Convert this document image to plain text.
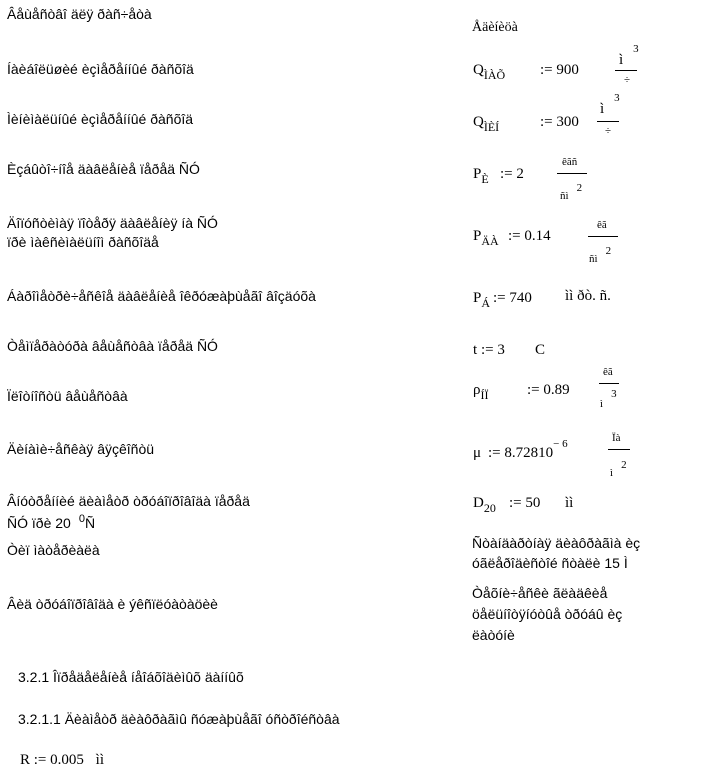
Âåùåñòâî äëÿ ðàñ÷åòà
Åäèíèöà
Íàèáîëüøèé èçìåðåííûé ðàñõîä	$Q_{ÌÀÕ}$ := 900
$ì^3$
÷
Ìèíèìàëüíûé èçìåðåííûé ðàñõîä	$Q_{ÌÈÍ}$	:= 300
$ì^3$
÷
Èçáûòî÷íîå äàâëåíèå ïåðåä ÑÓ	$P_È$ := 2
êãñ
ñì2
Äîïóñòèìàÿ ïîòåðÿ äàâëåíèÿ íà ÑÓ
ïðè ìàêñèìàëüíîì ðàñõîäå	$P_{ÄÀ}$ := 0.14
êã
ñì2
Áàðîìåòðè÷åñêîå äàâëåíèå îêðóæàþùåãî âîçäóõà	$P_Á$ := 740 ìì ðò. ñ.
Òåìïåðàòóðà âåùåñòâà ïåðåä ÑÓ	t := 3 C
Ïëîòíîñòü âåùåñòâà	$\rho_{ÍÏ}$	:= 0.89
êã
ì3
Äèíàìè÷åñêàÿ âÿçêîñòü	μ := $8.72810^{- 6}$	Ïà
ì2
Âíóòðåííèé äèàìåòð òðóáîïðîâîäà ïåðåä
ÑÓ ïðè 20 $^0$Ñ
$D_{20}$ := 50 ìì
Òèï ìàòåðèàëà	Ñòàíäàðòíàÿ äèàôðàãìà èç
óãëåðîäèñòîé ñòàëè 15 Ì
Âèä òðóáîïðîâîäà è ýêñïëóàòàöèè
Òåõíè÷åñêè ãëàäêèå
öåëüíîòÿíóòûå òðóáû èç
ëàòóíè
3.2.1 Îïðåäåëåíèå íåîáõîäèìûõ äàííûõ
3.2.1.1 Äèàìåòð äèàôðàãìû ñóæàþùåãî óñòðîéñòâà
R := 0.005 ìì
